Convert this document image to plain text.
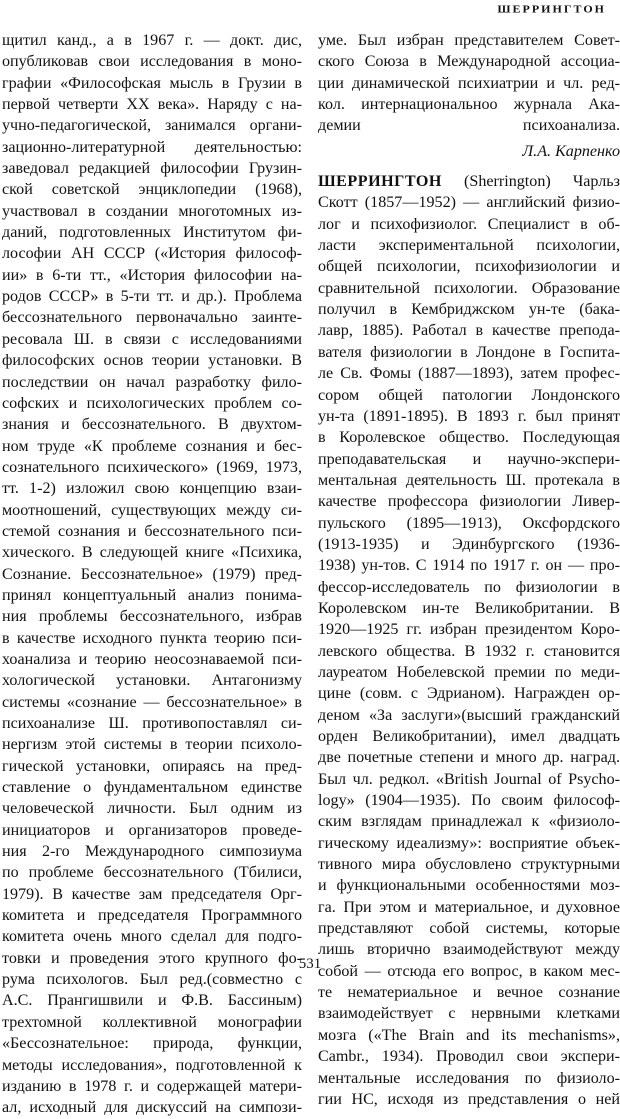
ШЕРРИНГТОН
щитил канд., а в 1967 г. — докт. дис,
опубликовав свои исследования в моно-
графии «Философская мысль в Грузии в
первой четверти XX века». Наряду с на-
учно-педагогической, занимался органи-
зационно-литературной деятельностью:
заведовал редакцией философии Грузин-
ской советской энциклопедии (1968),
участвовал в создании многотомных из-
даний, подготовленных Институтом фи-
лософии АН СССР («История философ-
ии» в 6-ти тт., «История философии на-
родов СССР» в 5-ти тт. и др.). Проблема
бессознательного первоначально заинте-
ресовала Ш. в связи с исследованиями
философских основ теории установки. В
последствии он начал разработку фило-
софских и психологических проблем со-
знания и бессознательного. В двухтом-
ном труде «К проблеме сознания и бес-
сознательного психического» (1969, 1973,
тт. 1-2) изложил свою концепцию взаи-
моотношений, существующих между си-
стемой сознания и бессознательного пси-
хического. В следующей книге «Психика,
Сознание. Бессознательное» (1979) пред-
принял концептуальный анализ понима-
ния проблемы бессознательного, избрав
в качестве исходного пункта теорию пси-
хоанализа и теорию неосознаваемой пси-
хологической установки. Антагонизму
системы «сознание — бессознательное» в
психоанализе Ш. противопоставлял си-
нергизм этой системы в теории психоло-
гической установки, опираясь на пред-
ставление о фундаментальном единстве
человеческой личности. Был одним из
инициаторов и организаторов проведе-
ния 2-го Международного симпозиума
по проблеме бессознательного (Тбилиси,
1979). В качестве зам председателя Орг-
комитета и председателя Программного
комитета очень много сделал для подго-
товки и проведения этого крупного фо-
рума психологов. Был ред.(совместно с
А.С. Прангишвили и Ф.В. Бассиным)
трехтомной коллективной монографии
«Бессознательное: природа, функции,
методы исследования», подготовленной к
изданию в 1978 г. и содержащей матери-
ал, исходный для дискуссий на симпози-
уме. Был избран представителем Совет-
ского Союза в Международной ассоциа-
ции динамической психиатрии и чл. ред-
кол. интернациональноо журнала Ака-
демии психоанализа.
Л.А. Карпенко
ШЕРРИНГТОН (Sherrington) Чарльз
Скотт (1857—1952) — английский физио-
лог и психофизиолог. Специалист в об-
ласти экспериментальной психологии,
общей психологии, психофизиологии и
сравнительной психологии. Образование
получил в Кембриджском ун-те (бака-
лавр, 1885). Работал в качестве препода-
вателя физиологии в Лондоне в Госпита-
ле Св. Фомы (1887—1893), затем профес-
сором общей патологии Лондонского
ун-та (1891-1895). В 1893 г. был принят
в Королевское общество. Последующая
преподавательская и научно-экспери-
ментальная деятельность Ш. протекала в
качестве профессора физиологии Ливер-
пульского (1895—1913), Оксфордского
(1913-1935) и Эдинбургского (1936-
1938) ун-тов. С 1914 по 1917 г. он — про-
фессор-исследователь по физиологии в
Королевском ин-те Великобритании. В
1920—1925 гг. избран президентом Коро-
левского общества. В 1932 г. становится
лауреатом Нобелевской премии по меди-
цине (совм. с Эдрианом). Награжден ор-
деном «За заслуги»(высший гражданский
орден Великобритании), имел двадцать
две почетные степени и много др. наград.
Был чл. редкол. «British Journal of Psycho-
logy» (1904—1935). По своим философ-
ским взглядам принадлежал к «физиоло-
гическому идеализму»: восприятие объек-
тивного мира обусловлено структурными
и функциональными особенностями моз-
га. При этом и материальное, и духовное
представляют собой системы, которые
лишь вторично взаимодействуют между
собой — отсюда его вопрос, в каком мес-
те нематериальное и вечное сознание
взаимодействует с нервными клетками
мозга («The Brain and its mechanisms»,
Cambr., 1934). Проводил свои экспери-
ментальные исследования по физиоло-
гии НС, исходя из представления о ней
531
